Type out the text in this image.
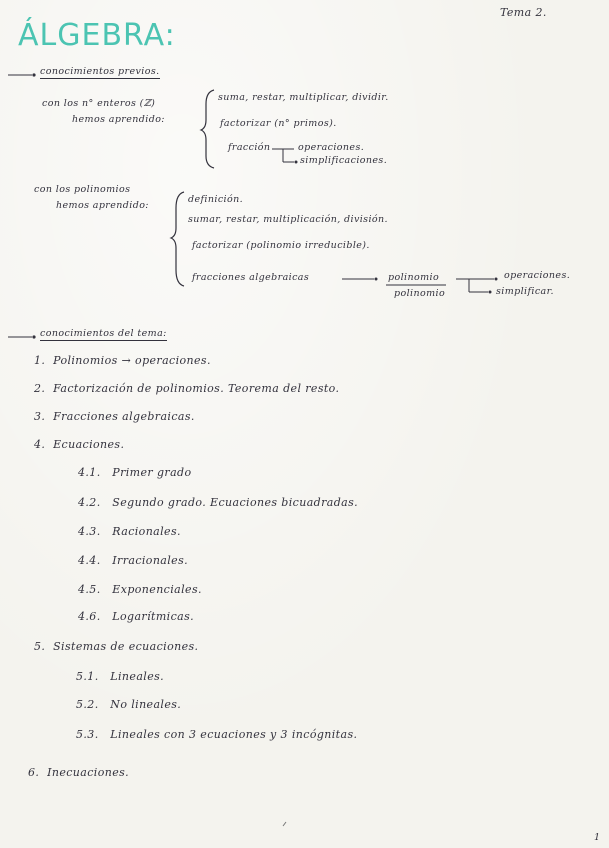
Tema 2.
ÁLGEBRA:
conocimientos previos.
con los n° enteros (ℤ)
hemos aprendido:
suma, restar, multiplicar, dividir.
factorizar (n° primos).
fracción	operaciones.
simplificaciones.
con los polinomios
hemos aprendido:
definición.
sumar, restar, multiplicación, división.
factorizar (polinomio irreducible).
fracciones algebraicas	polinomio
polinomio
operaciones.
simplificar.
conocimientos del tema:
1. Polinomios → operaciones.
2. Factorización de polinomios. Teorema del resto.
3. Fracciones algebraicas.
4. Ecuaciones.
4.1. Primer grado
4.2. Segundo grado. Ecuaciones bicuadradas.
4.3. Racionales.
4.4. Irracionales.
4.5. Exponenciales.
4.6. Logarítmicas.
5. Sistemas de ecuaciones.
5.1. Lineales.
5.2. No lineales.
5.3. Lineales con 3 ecuaciones y 3 incógnitas.
6. Inecuaciones.
1
